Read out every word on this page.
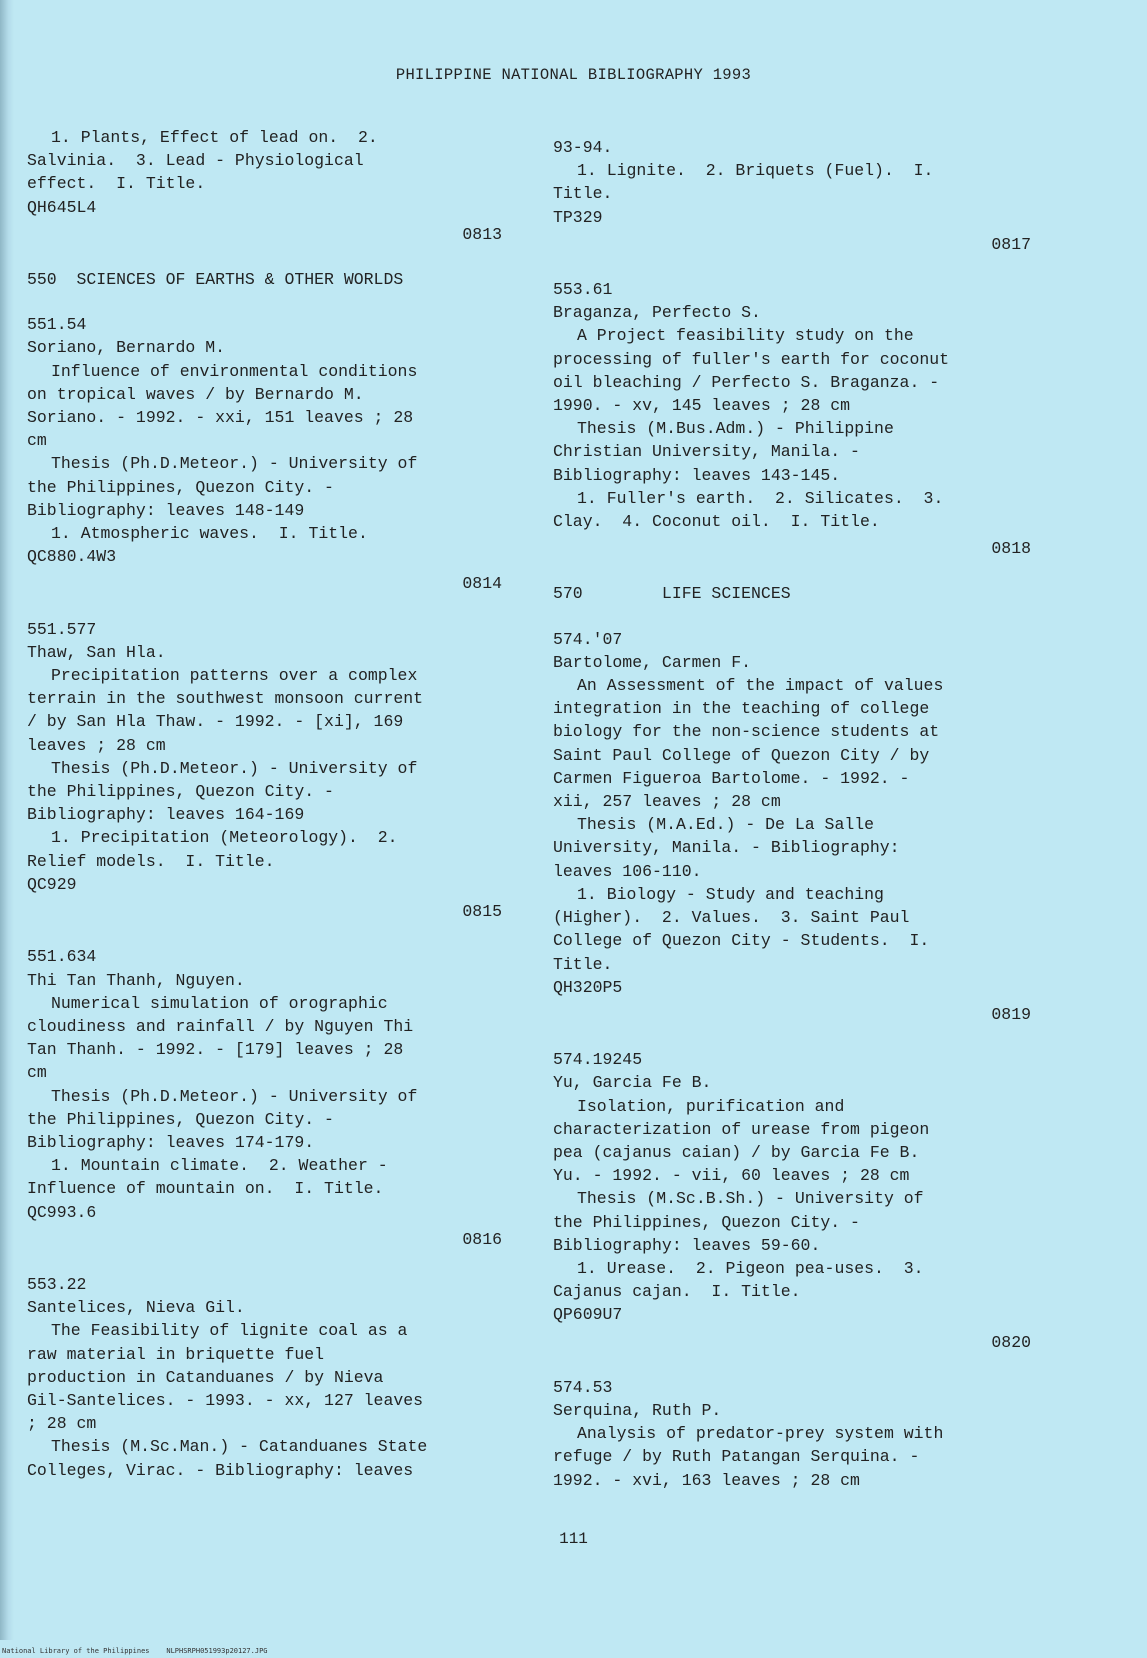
PHILIPPINE NATIONAL BIBLIOGRAPHY 1993

1. Plants, Effect of lead on.  2.

Salvinia.  3. Lead - Physiological

effect.  I. Title.

QH645L4

0813

550  SCIENCES OF EARTHS & OTHER WORLDS

551.54

Soriano, Bernardo M.

Influence of environmental conditions

on tropical waves / by Bernardo M.

Soriano. - 1992. - xxi, 151 leaves ; 28

cm

Thesis (Ph.D.Meteor.) - University of

the Philippines, Quezon City. -

Bibliography: leaves 148-149

1. Atmospheric waves.  I. Title.

QC880.4W3

0814

551.577

Thaw, San Hla.

Precipitation patterns over a complex

terrain in the southwest monsoon current

/ by San Hla Thaw. - 1992. - [xi], 169

leaves ; 28 cm

Thesis (Ph.D.Meteor.) - University of

the Philippines, Quezon City. -

Bibliography: leaves 164-169

1. Precipitation (Meteorology).  2.

Relief models.  I. Title.

QC929

0815

551.634

Thi Tan Thanh, Nguyen.

Numerical simulation of orographic

cloudiness and rainfall / by Nguyen Thi

Tan Thanh. - 1992. - [179] leaves ; 28

cm

Thesis (Ph.D.Meteor.) - University of

the Philippines, Quezon City. -

Bibliography: leaves 174-179.

1. Mountain climate.  2. Weather -

Influence of mountain on.  I. Title.

QC993.6

0816

553.22

Santelices, Nieva Gil.

The Feasibility of lignite coal as a

raw material in briquette fuel

production in Catanduanes / by Nieva

Gil-Santelices. - 1993. - xx, 127 leaves

; 28 cm

Thesis (M.Sc.Man.) - Catanduanes State

Colleges, Virac. - Bibliography: leaves

93-94.

1. Lignite.  2. Briquets (Fuel).  I.

Title.

TP329

0817

553.61

Braganza, Perfecto S.

A Project feasibility study on the

processing of fuller's earth for coconut

oil bleaching / Perfecto S. Braganza. -

1990. - xv, 145 leaves ; 28 cm

Thesis (M.Bus.Adm.) - Philippine

Christian University, Manila. -

Bibliography: leaves 143-145.

1. Fuller's earth.  2. Silicates.  3.

Clay.  4. Coconut oil.  I. Title.

0818

570        LIFE SCIENCES

574.'07

Bartolome, Carmen F.

An Assessment of the impact of values

integration in the teaching of college

biology for the non-science students at

Saint Paul College of Quezon City / by

Carmen Figueroa Bartolome. - 1992. -

xii, 257 leaves ; 28 cm

Thesis (M.A.Ed.) - De La Salle

University, Manila. - Bibliography:

leaves 106-110.

1. Biology - Study and teaching

(Higher).  2. Values.  3. Saint Paul

College of Quezon City - Students.  I.

Title.

QH320P5

0819

574.19245

Yu, Garcia Fe B.

Isolation, purification and

characterization of urease from pigeon

pea (cajanus caian) / by Garcia Fe B.

Yu. - 1992. - vii, 60 leaves ; 28 cm

Thesis (M.Sc.B.Sh.) - University of

the Philippines, Quezon City. -

Bibliography: leaves 59-60.

1. Urease.  2. Pigeon pea-uses.  3.

Cajanus cajan.  I. Title.

QP609U7

0820

574.53

Serquina, Ruth P.

Analysis of predator-prey system with

refuge / by Ruth Patangan Serquina. -

1992. - xvi, 163 leaves ; 28 cm

111
National Library of the Philippines    NLPHSRPH051993p20127.JPG
